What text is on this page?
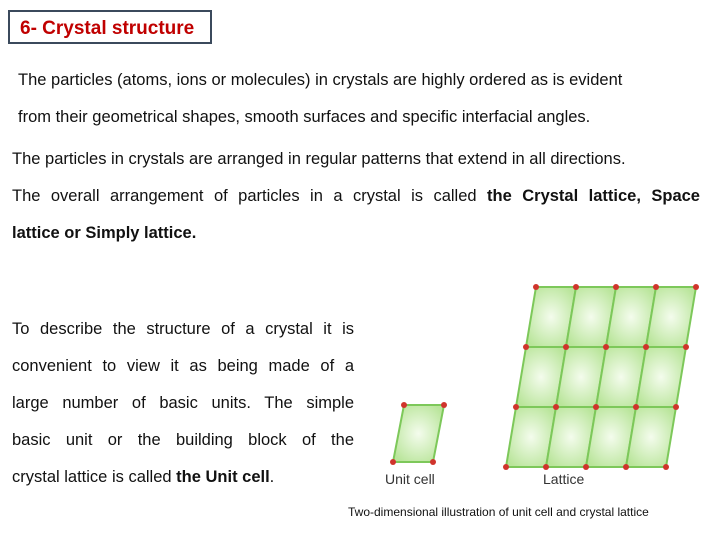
6- Crystal structure
The particles (atoms, ions or molecules) in crystals are highly ordered as is evident
from their geometrical shapes, smooth surfaces and specific interfacial angles.
The particles in crystals are arranged in regular patterns that extend in all directions.
The overall arrangement of particles in a crystal is called the Crystal lattice, Space
lattice or Simply lattice.
To describe the structure of a crystal it is
convenient to view it as being made of a
large number of basic units. The simple
basic unit or the building block of the
crystal lattice is called the Unit cell.	Unit cell	Lattice
Two-dimensional illustration of unit cell and crystal lattice
